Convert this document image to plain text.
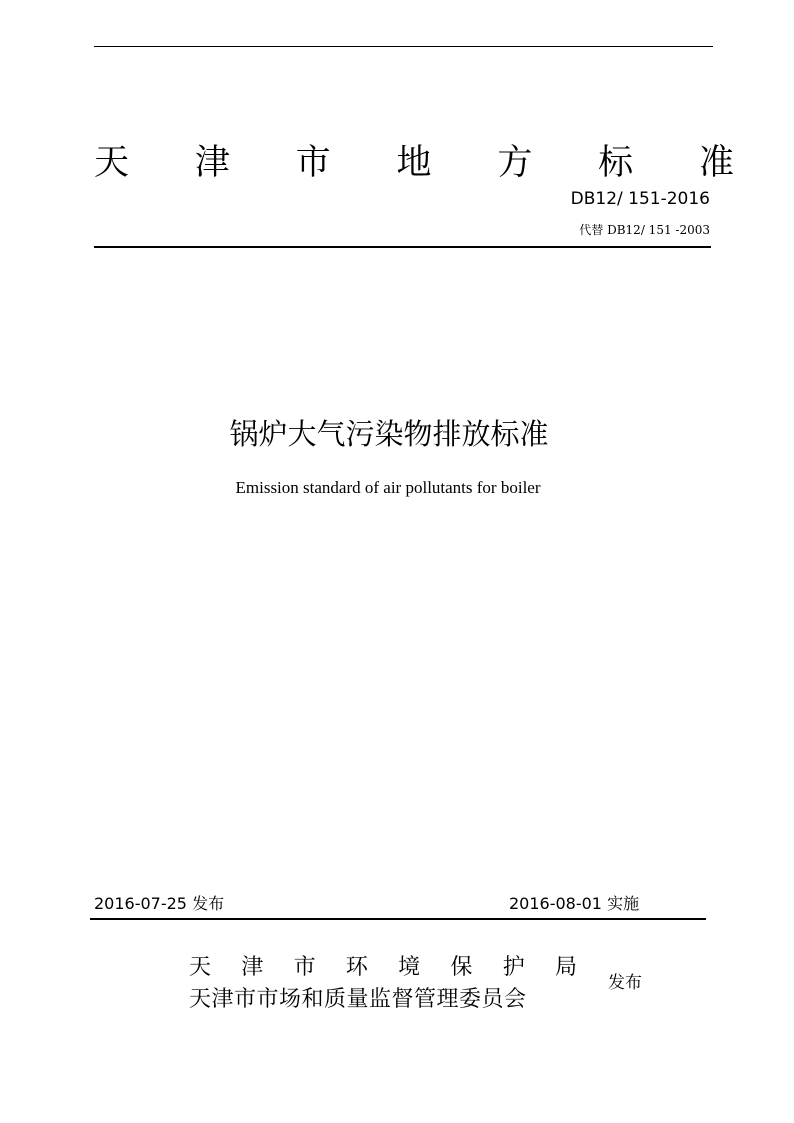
天 津 市 地 方 标 准
DB12/ 151-2016
代替 DB12/ 151 -2003
锅炉大气污染物排放标准
Emission standard of air pollutants for boiler
2016-07-25 发布	2016-08-01 实施
天 津 市 环 境 保 护 局
天津市市场和质量监督管理委员会
发布
